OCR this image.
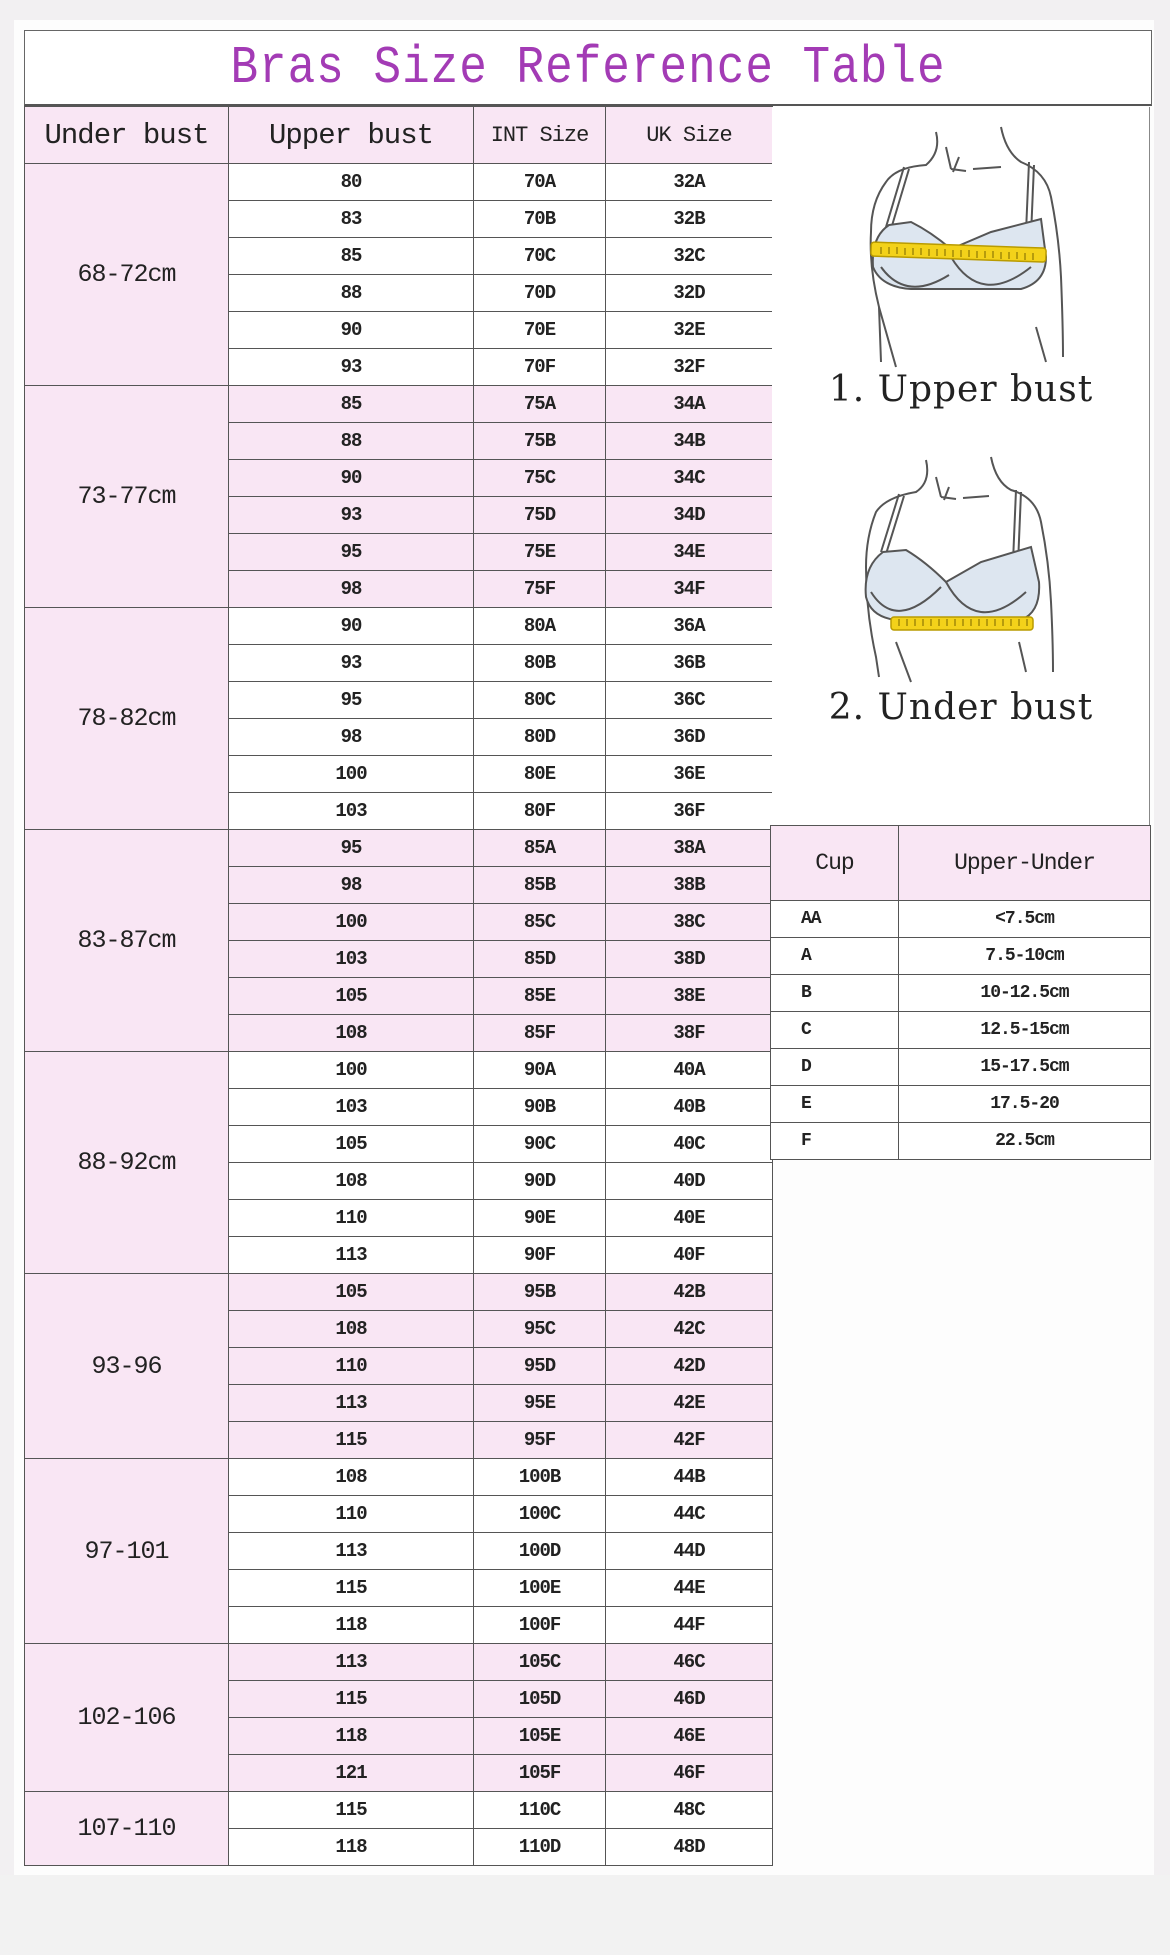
Bras Size Reference Table
Under bust	Upper bust	INT Size	UK Size
68-72cm	80	70A	32A
	83	70B	32B
	85	70C	32C
	88	70D	32D
	90	70E	32E
	93	70F	32F
73-77cm	85	75A	34A
	88	75B	34B
	90	75C	34C
	93	75D	34D
	95	75E	34E
	98	75F	34F
78-82cm	90	80A	36A
	93	80B	36B
	95	80C	36C
	98	80D	36D
	100	80E	36E
	103	80F	36F
83-87cm	95	85A	38A
	98	85B	38B
	100	85C	38C
	103	85D	38D
	105	85E	38E
	108	85F	38F
88-92cm	100	90A	40A
	103	90B	40B
	105	90C	40C
	108	90D	40D
	110	90E	40E
	113	90F	40F
93-96	105	95B	42B
	108	95C	42C
	110	95D	42D
	113	95E	42E
	115	95F	42F
97-101	108	100B	44B
	110	100C	44C
	113	100D	44D
	115	100E	44E
	118	100F	44F
102-106	113	105C	46C
	115	105D	46D
	118	105E	46E
	121	105F	46F
107-110	115	110C	48C
	118	110D	48D
1. Upper bust
2. Under bust
Cup	Upper-Under
AA	<7.5cm
A	7.5-10cm
B	10-12.5cm
C	12.5-15cm
D	15-17.5cm
E	17.5-20
F	22.5cm
